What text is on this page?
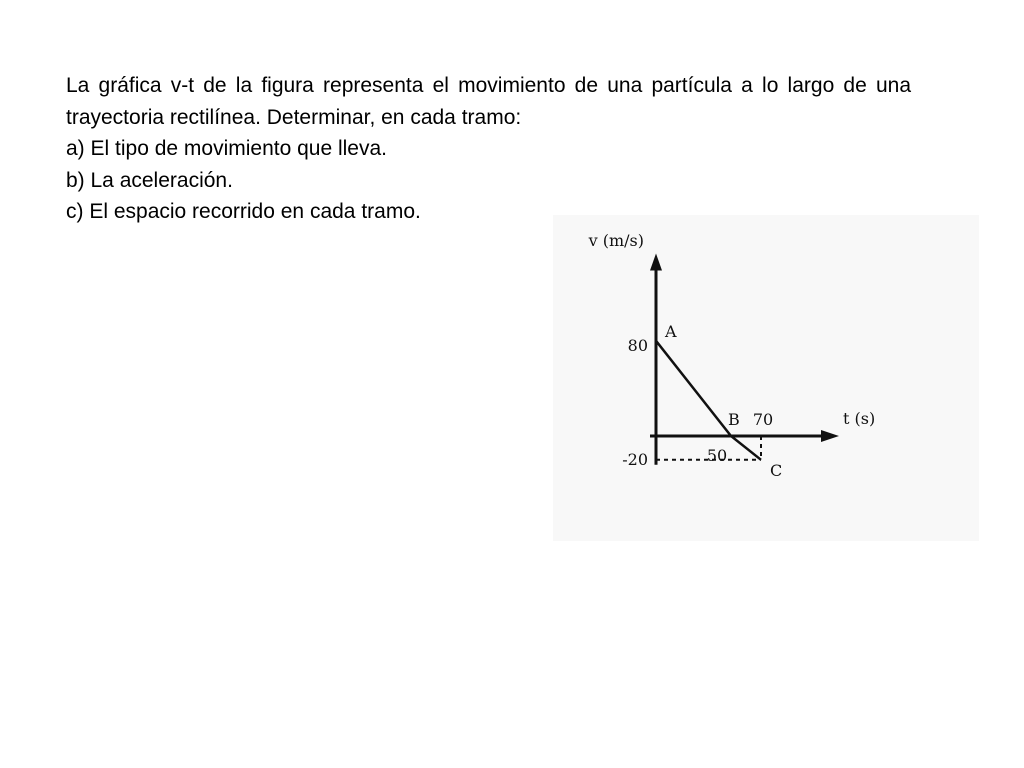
La gráfica v-t de la figura representa el movimiento de una partícula a lo largo de una trayectoria rectilínea. Determinar, en cada tramo:

a) El tipo de movimiento que lleva.

b) La aceleración.

c) El espacio recorrido en cada tramo.

v (m/s)
t (s)
80
-20	50
70
A
B
C
